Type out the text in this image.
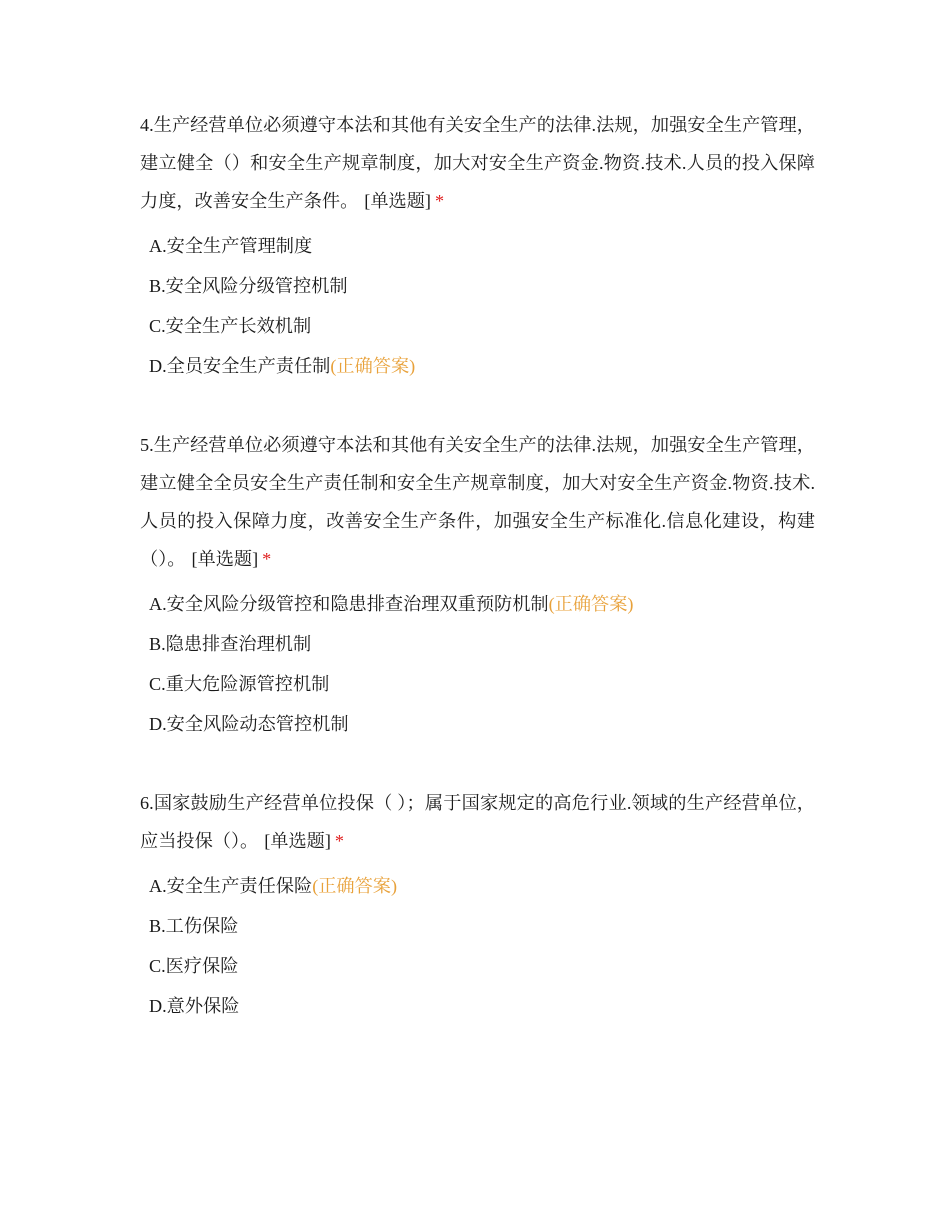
4.生产经营单位必须遵守本法和其他有关安全生产的法律.法规，加强安全生产管理，建立健全（）和安全生产规章制度，加大对安全生产资金.物资.技术.人员的投入保障力度，改善安全生产条件。 [单选题] *

A.安全生产管理制度
B.安全风险分级管控机制
C.安全生产长效机制
D.全员安全生产责任制(正确答案)

5.生产经营单位必须遵守本法和其他有关安全生产的法律.法规，加强安全生产管理，建立健全全员安全生产责任制和安全生产规章制度，加大对安全生产资金.物资.技术.人员的投入保障力度，改善安全生产条件，加强安全生产标准化.信息化建设，构建（）。 [单选题] *

A.安全风险分级管控和隐患排查治理双重预防机制(正确答案)
B.隐患排查治理机制
C.重大危险源管控机制
D.安全风险动态管控机制

6.国家鼓励生产经营单位投保（ ）；属于国家规定的高危行业.领域的生产经营单位，应当投保（）。 [单选题] *

A.安全生产责任保险(正确答案)
B.工伤保险
C.医疗保险
D.意外保险
